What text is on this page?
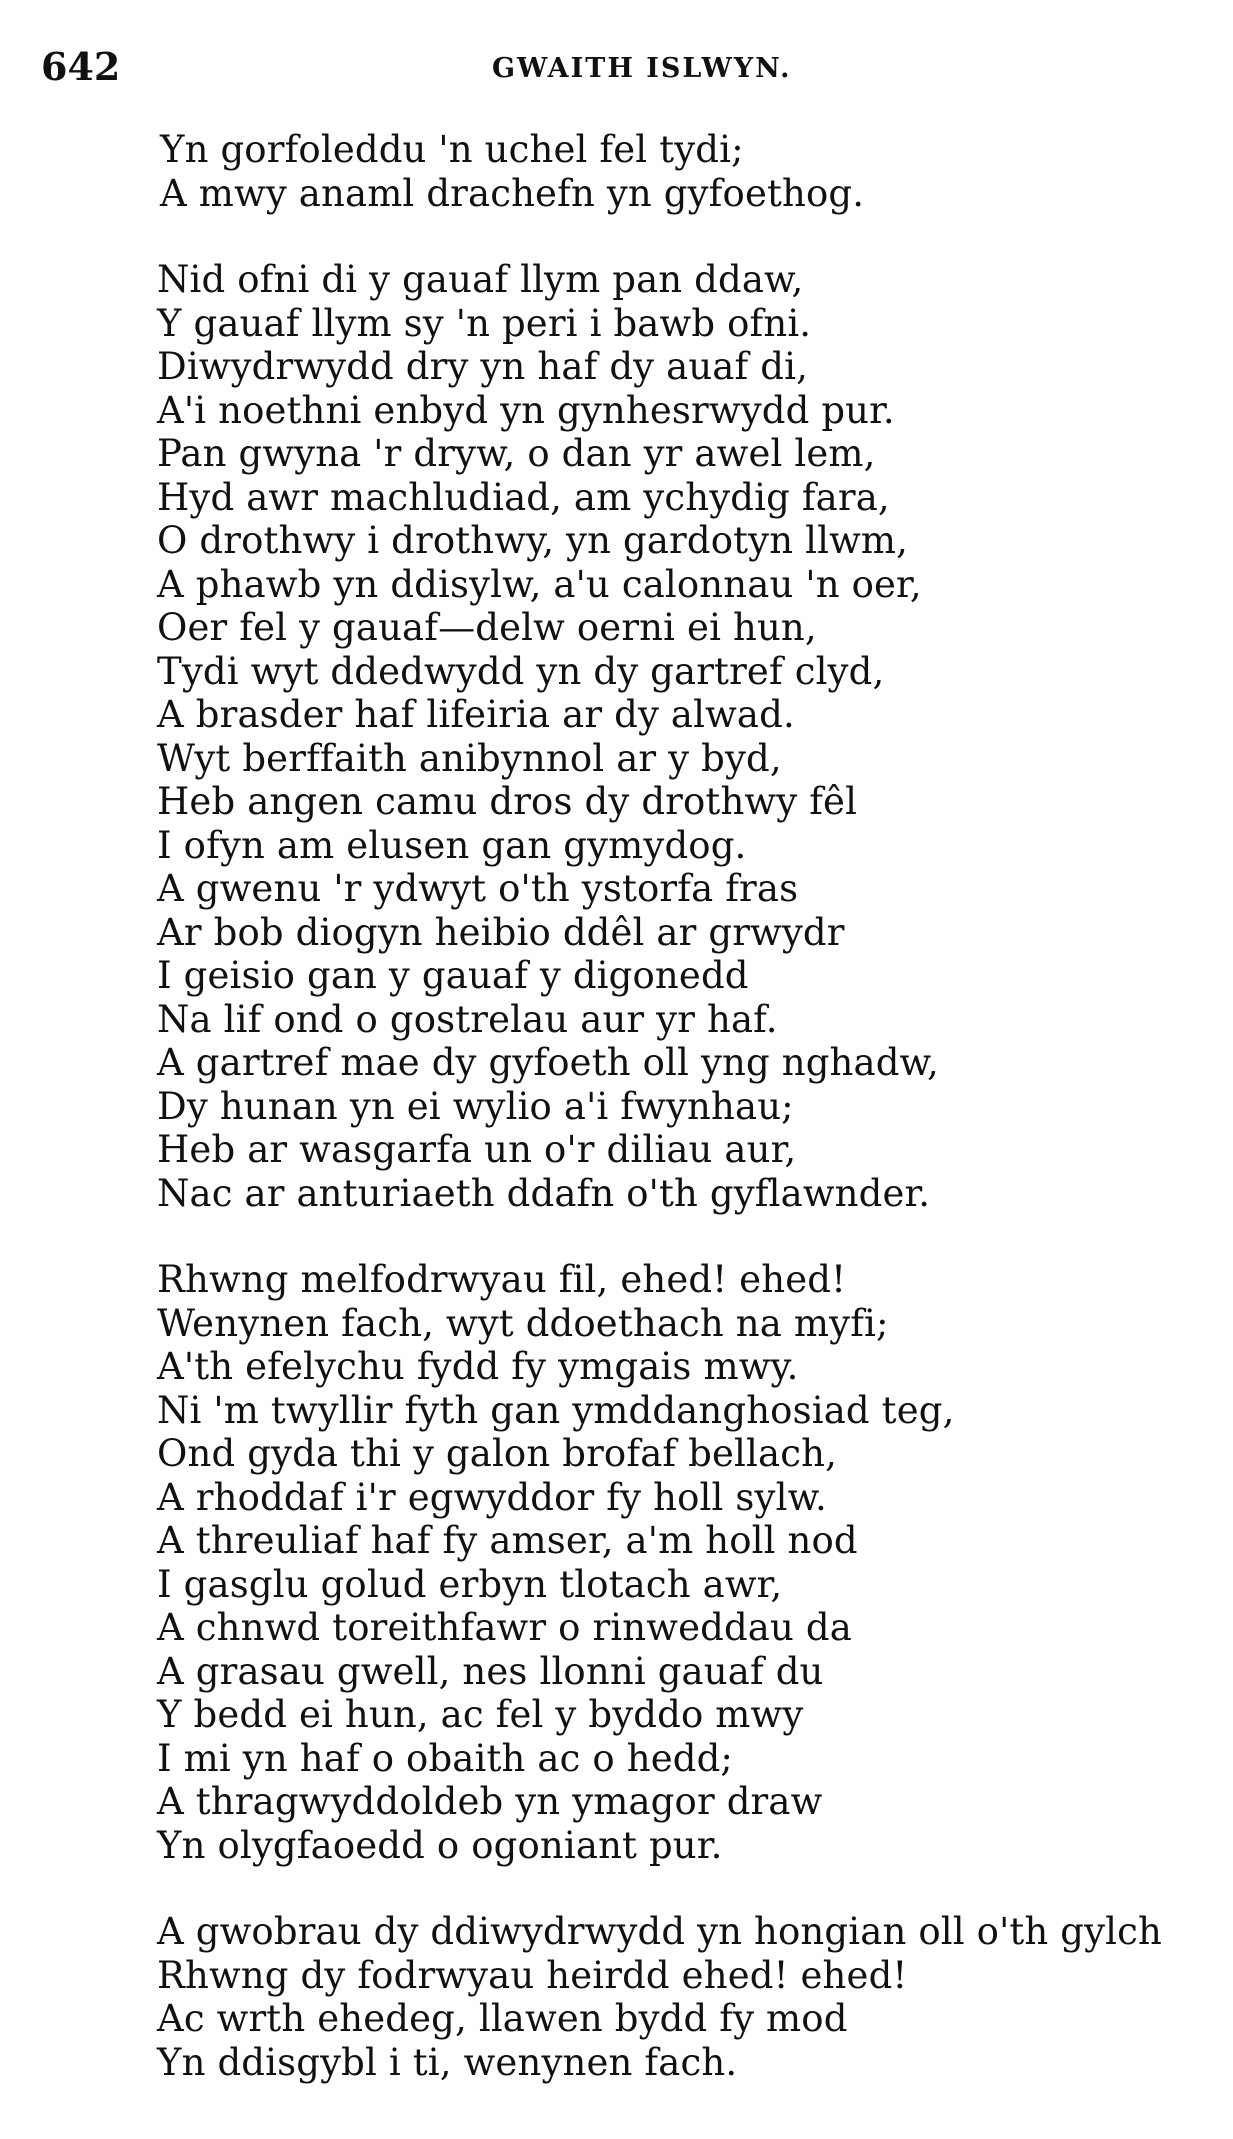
642	GWAITH ISLWYN.
Yn gorfoleddu 'n uchel fel tydi;
A mwy anaml drachefn yn gyfoethog.
Nid ofni di y gauaf llym pan ddaw,
Y gauaf llym sy 'n peri i bawb ofni.
Diwydrwydd dry yn haf dy auaf di,
A'i noethni enbyd yn gynhesrwydd pur.
Pan gwyna 'r dryw, o dan yr awel lem,
Hyd awr machludiad, am ychydig fara,
O drothwy i drothwy, yn gardotyn llwm,
A phawb yn ddisylw, a'u calonnau 'n oer,
Oer fel y gauaf—delw oerni ei hun,
Tydi wyt ddedwydd yn dy gartref clyd,
A brasder haf lifeiria ar dy alwad.
Wyt berffaith anibynnol ar y byd,
Heb angen camu dros dy drothwy fêl
I ofyn am elusen gan gymydog.
A gwenu 'r ydwyt o'th ystorfa fras
Ar bob diogyn heibio ddêl ar grwydr
I geisio gan y gauaf y digonedd
Na lif ond o gostrelau aur yr haf.
A gartref mae dy gyfoeth oll yng nghadw,
Dy hunan yn ei wylio a'i fwynhau;
Heb ar wasgarfa un o'r diliau aur,
Nac ar anturiaeth ddafn o'th gyflawnder.
Rhwng melfodrwyau fil, ehed! ehed!
Wenynen fach, wyt ddoethach na myfi;
A'th efelychu fydd fy ymgais mwy.
Ni 'm twyllir fyth gan ymddanghosiad teg,
Ond gyda thi y galon brofaf bellach,
A rhoddaf i'r egwyddor fy holl sylw.
A threuliaf haf fy amser, a'm holl nod
I gasglu golud erbyn tlotach awr,
A chnwd toreithfawr o rinweddau da
A grasau gwell, nes llonni gauaf du
Y bedd ei hun, ac fel y byddo mwy
I mi yn haf o obaith ac o hedd;
A thragwyddoldeb yn ymagor draw
Yn olygfaoedd o ogoniant pur.
A gwobrau dy ddiwydrwydd yn hongian oll o'th gylch
Rhwng dy fodrwyau heirdd ehed! ehed!
Ac wrth ehedeg, llawen bydd fy mod
Yn ddisgybl i ti, wenynen fach.
